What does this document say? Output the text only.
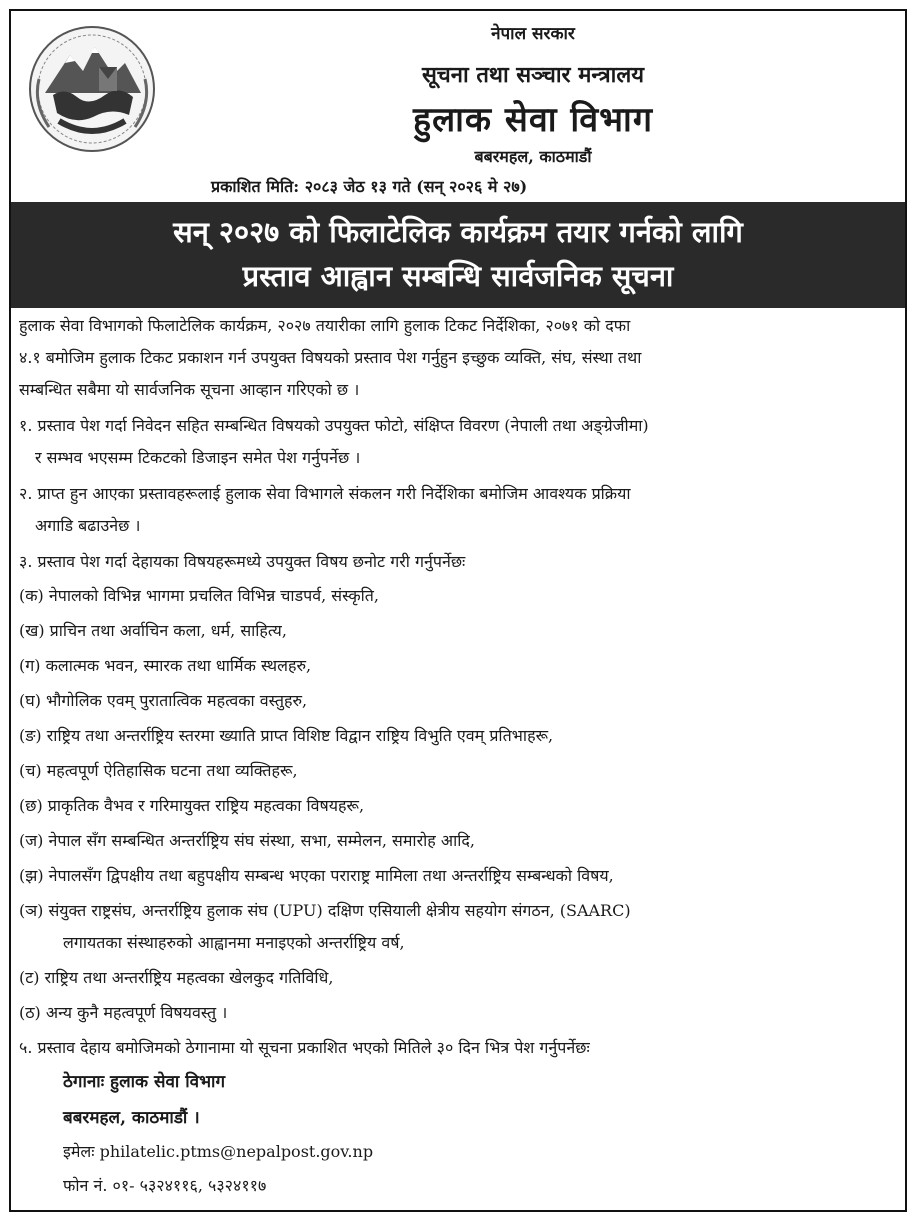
नेपाल सरकार
सूचना तथा सञ्चार मन्त्रालय
हुलाक सेवा विभाग
बबरमहल, काठमाडौं
प्रकाशित मिति: २०८३ जेठ १३ गते (सन् २०२६ मे २७)
सन् २०२७ को फिलाटेलिक कार्यक्रम तयार गर्नको लागि
प्रस्ताव आह्वान सम्बन्धि सार्वजनिक सूचना
हुलाक सेवा विभागको फिलाटेलिक कार्यक्रम, २०२७ तयारीका लागि हुलाक टिकट निर्देशिका, २०७१ को दफा
४.१ बमोजिम हुलाक टिकट प्रकाशन गर्न उपयुक्त विषयको प्रस्ताव पेश गर्नुहुन इच्छुक व्यक्ति, संघ, संस्था तथा
सम्बन्धित सबैमा यो सार्वजनिक सूचना आव्हान गरिएको छ ।
१. प्रस्ताव पेश गर्दा निवेदन सहित सम्बन्धित विषयको उपयुक्त फोटो, संक्षिप्त विवरण (नेपाली तथा अङ्ग्रेजीमा)
र सम्भव भएसम्म टिकटको डिजाइन समेत पेश गर्नुपर्नेछ ।
२. प्राप्त हुन आएका प्रस्तावहरूलाई हुलाक सेवा विभागले संकलन गरी निर्देशिका बमोजिम आवश्यक प्रक्रिया
अगाडि बढाउनेछ ।
३. प्रस्ताव पेश गर्दा देहायका विषयहरूमध्ये उपयुक्त विषय छनोट गरी गर्नुपर्नेछः
(क) नेपालको विभिन्न भागमा प्रचलित विभिन्न चाडपर्व, संस्कृति,
(ख) प्राचिन तथा अर्वाचिन कला, धर्म, साहित्य,
(ग) कलात्मक भवन, स्मारक तथा धार्मिक स्थलहरु,
(घ) भौगोलिक एवम् पुरातात्विक महत्वका वस्तुहरु,
(ङ) राष्ट्रिय तथा अन्तर्राष्ट्रिय स्तरमा ख्याति प्राप्त विशिष्ट विद्वान राष्ट्रिय विभुति एवम् प्रतिभाहरू,
(च) महत्वपूर्ण ऐतिहासिक घटना तथा व्यक्तिहरू,
(छ) प्राकृतिक वैभव र गरिमायुक्त राष्ट्रिय महत्वका विषयहरू,
(ज) नेपाल सँग सम्बन्धित अन्तर्राष्ट्रिय संघ संस्था, सभा, सम्मेलन, समारोह आदि,
(झ) नेपालसँग द्विपक्षीय तथा बहुपक्षीय सम्बन्ध भएका पराराष्ट्र मामिला तथा अन्तर्राष्ट्रिय सम्बन्धको विषय,
(ञ) संयुक्त राष्ट्रसंघ, अन्तर्राष्ट्रिय हुलाक संघ (UPU) दक्षिण एसियाली क्षेत्रीय सहयोग संगठन, (SAARC)
लगायतका संस्थाहरुको आह्वानमा मनाइएको अन्तर्राष्ट्रिय वर्ष,
(ट) राष्ट्रिय तथा अन्तर्राष्ट्रिय महत्वका खेलकुद गतिविधि,
(ठ) अन्य कुनै महत्वपूर्ण विषयवस्तु ।
५. प्रस्ताव देहाय बमोजिमको ठेगानामा यो सूचना प्रकाशित भएको मितिले ३० दिन भित्र पेश गर्नुपर्नेछः
ठेगानाः हुलाक सेवा विभाग
बबरमहल, काठमाडौं ।
इमेलः philatelic.ptms@nepalpost.gov.np
फोन नं. ०१- ५३२४११६, ५३२४११७
